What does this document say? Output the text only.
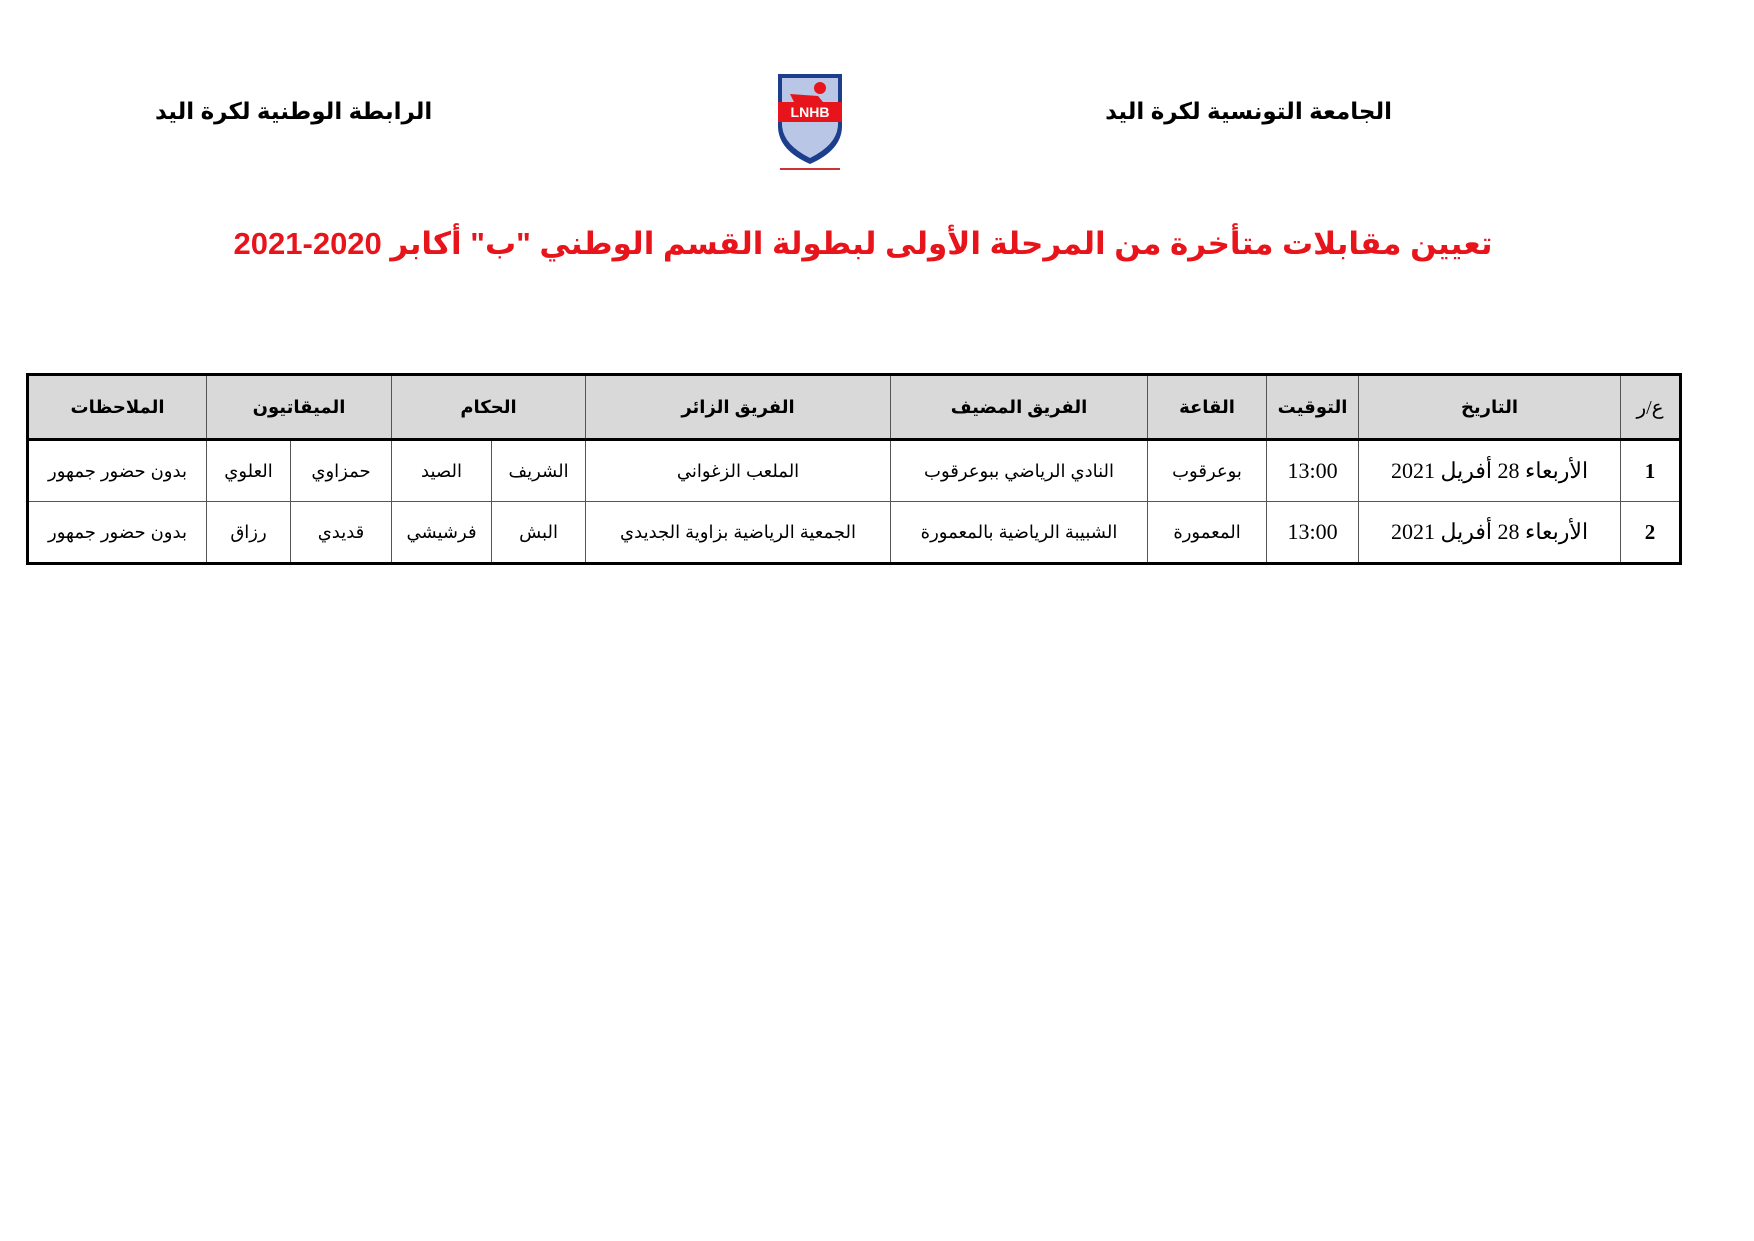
الجامعة التونسية لكرة اليد
الرابطة الوطنية لكرة اليد	LNHB
تعيين مقابلات متأخرة من المرحلة الأولى لبطولة القسم الوطني "ب" أكابر 2020-2021
ع/ر	التاريخ	التوقيت	القاعة	الفريق المضيف	الفريق الزائر	الحكام		الميقاتيون		الملاحظات
1	الأربعاء 28 أفريل 2021	13:00	بوعرقوب	النادي الرياضي ببوعرقوب	الملعب الزغواني	الشريف	الصيد	حمزاوي	العلوي	بدون حضور جمهور
2	الأربعاء 28 أفريل 2021	13:00	المعمورة	الشبيبة الرياضية بالمعمورة	الجمعية الرياضية بزاوية الجديدي	البش	فرشيشي	قديدي	رزاق	بدون حضور جمهور
